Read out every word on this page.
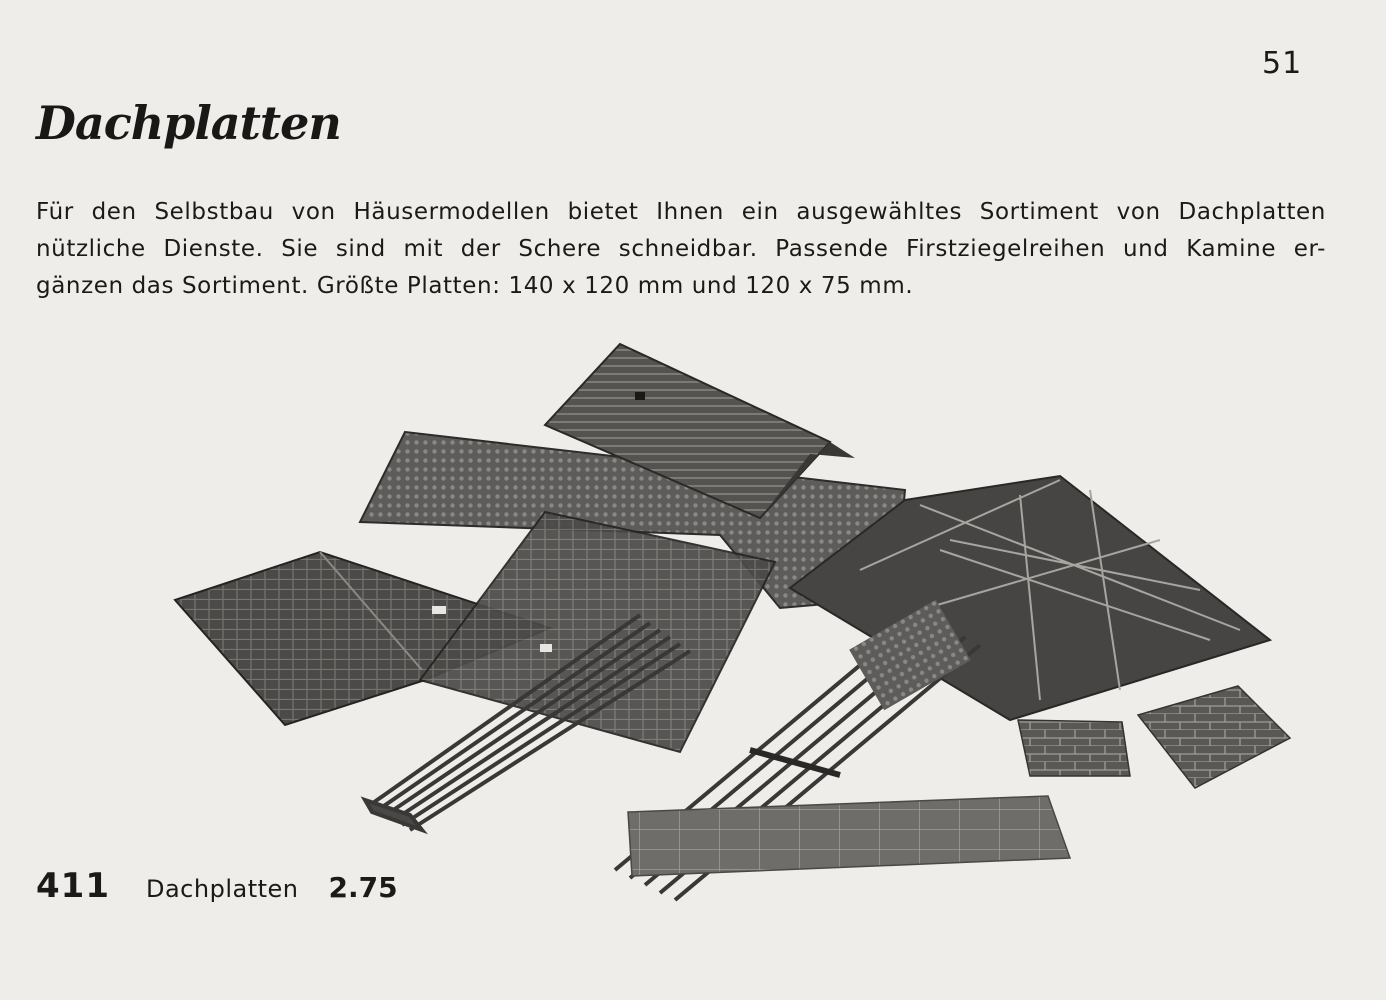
51
Dachplatten

Für den Selbstbau von Häusermodellen bietet Ihnen ein ausgewähltes Sortiment von Dachplatten
nützliche Dienste. Sie sind mit der Schere schneidbar. Passende Firstziegelreihen und Kamine er-
gänzen das Sortiment. Größte Platten: 140 x 120 mm und 120 x 75 mm.

411 Dachplatten 2.75
